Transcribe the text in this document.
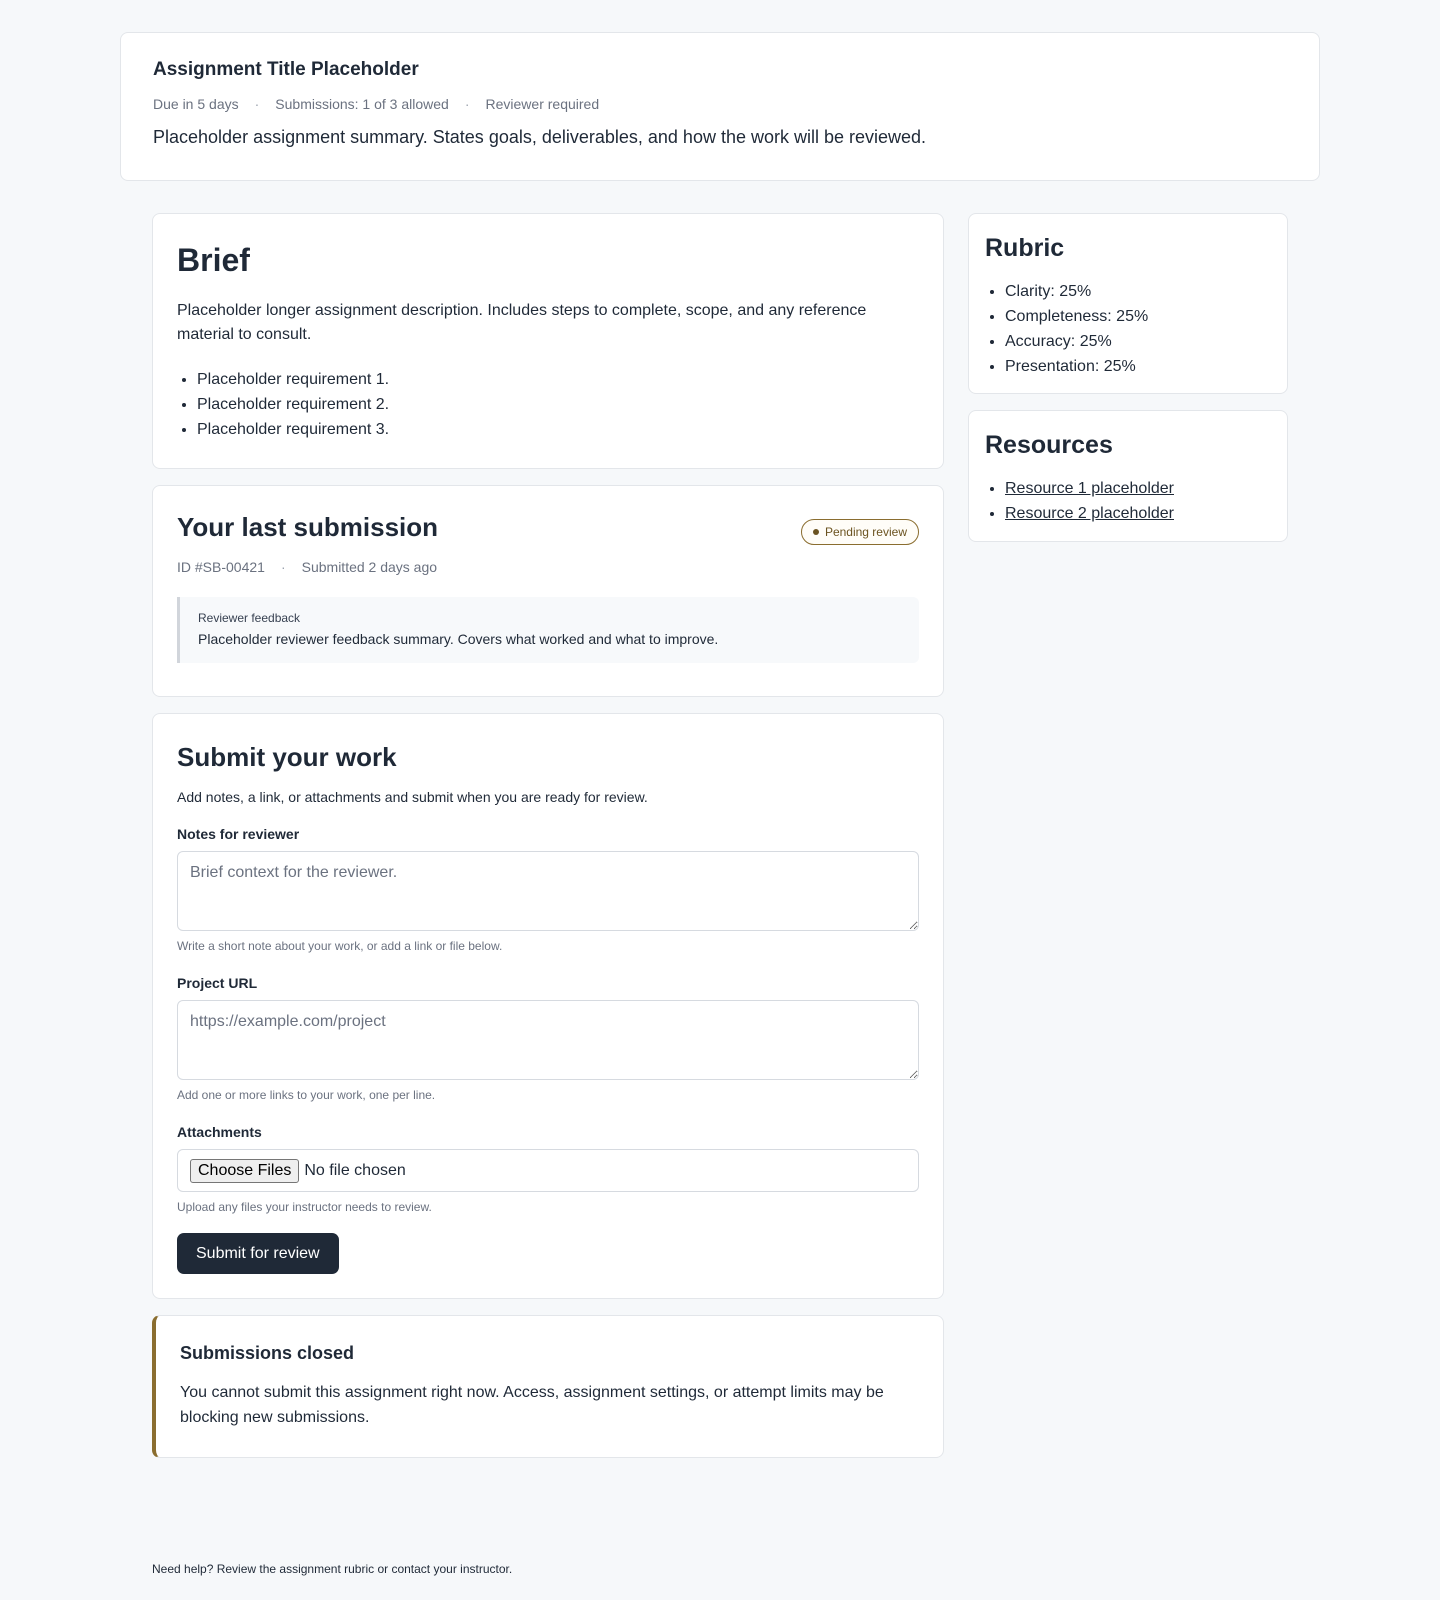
Assignment Title Placeholder
Due in 5 days · Submissions: 1 of 3 allowed · Reviewer required
Placeholder assignment summary. States goals, deliverables, and how the work will be reviewed.
Brief
Placeholder longer assignment description. Includes steps to complete, scope, and any reference material to consult.
• Placeholder requirement 1.
• Placeholder requirement 2.
• Placeholder requirement 3.
Your last submission	Pending review
ID #SB-00421 · Submitted 2 days ago
Reviewer feedback
Placeholder reviewer feedback summary. Covers what worked and what to improve.
Submit your work
Add notes, a link, or attachments and submit when you are ready for review.
Notes for reviewer
Brief context for the reviewer.
Write a short note about your work, or add a link or file below.
Project URL
https://example.com/project
Add one or more links to your work, one per line.
Attachments
Choose Files No file chosen
Upload any files your instructor needs to review.
Submit for review
Submissions closed
You cannot submit this assignment right now. Access, assignment settings, or attempt limits may be blocking new submissions.
Rubric
• Clarity: 25%
• Completeness: 25%
• Accuracy: 25%
• Presentation: 25%
Resources
• Resource 1 placeholder
• Resource 2 placeholder
Need help? Review the assignment rubric or contact your instructor.
